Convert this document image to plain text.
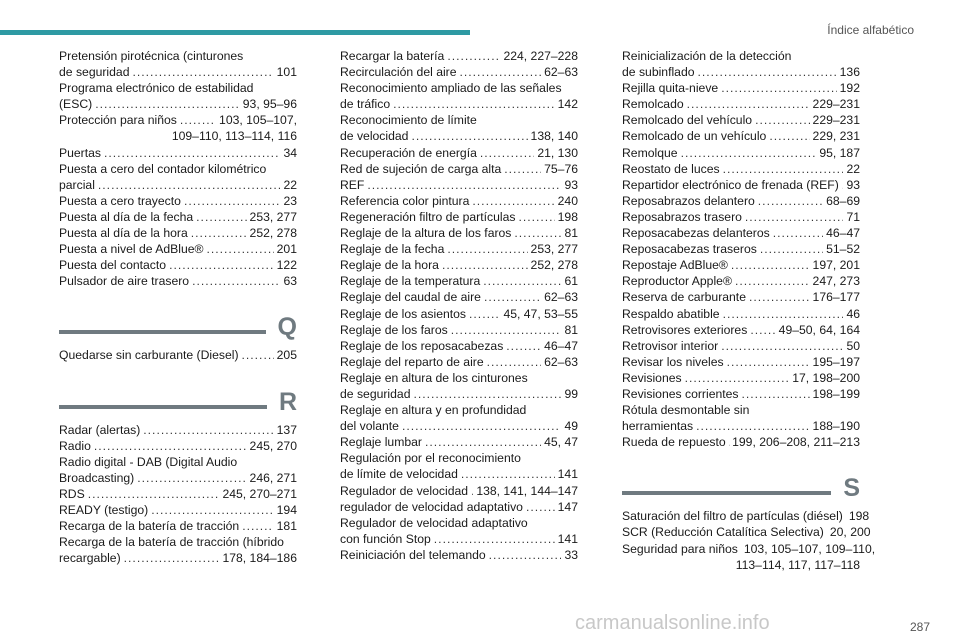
Índice alfabético
Pretensión pirotécnica (cinturones
de seguridad .....	101
Programa electrónico de estabilidad
(ESC) .....	93, 95–96
Protección para niños .....	103, 105–107,
109–110, 113–114, 116
Puertas .....	34
Puesta a cero del contador kilométrico
parcial .....	22
Puesta a cero trayecto .....	23
Puesta al día de la fecha .....	253, 277
Puesta al día de la hora .....	252, 278
Puesta a nivel de AdBlue® .....	201
Puesta del contacto .....	122
Pulsador de aire trasero .....	63
Q
Quedarse sin carburante (Diesel) .....	205
R
Radar (alertas) .....	137
Radio .....	245, 270
Radio digital - DAB (Digital Audio
Broadcasting) .....	246, 271
RDS .....	245, 270–271
READY (testigo) .....	194
Recarga de la batería de tracción .....	181
Recarga de la batería de tracción (híbrido
recargable) .....	178, 184–186
Recargar la batería .....	224, 227–228
Recirculación del aire .....	62–63
Reconocimiento ampliado de las señales
de tráfico .....	142
Reconocimiento de límite
de velocidad .....	138, 140
Recuperación de energía .....	21, 130
Red de sujeción de carga alta .....	75–76
REF .....	93
Referencia color pintura .....	240
Regeneración filtro de partículas .....	198
Reglaje de la altura de los faros .....	81
Reglaje de la fecha .....	253, 277
Reglaje de la hora .....	252, 278
Reglaje de la temperatura .....	61
Reglaje del caudal de aire .....	62–63
Reglaje de los asientos .....	45, 47, 53–55
Reglaje de los faros .....	81
Reglaje de los reposacabezas .....	46–47
Reglaje del reparto de aire .....	62–63
Reglaje en altura de los cinturones
de seguridad .....	99
Reglaje en altura y en profundidad
del volante .....	49
Reglaje lumbar .....	45, 47
Regulación por el reconocimiento
de límite de velocidad .....	141
Regulador de velocidad ..... 138, 141, 144–147
regulador de velocidad adaptativo .....	147
Regulador de velocidad adaptativo
con función Stop .....	141
Reiniciación del telemando .....	33
Reinicialización de la detección
de subinflado .....	136
Rejilla quita-nieve .....	192
Remolcado .....	229–231
Remolcado del vehículo .....	229–231
Remolcado de un vehículo .....	229, 231
Remolque .....	95, 187
Reostato de luces .....	22
Repartidor electrónico de frenada (REF) ..... 93
Reposabrazos delantero .....	68–69
Reposabrazos trasero .....	71
Reposacabezas delanteros .....	46–47
Reposacabezas traseros .....	51–52
Repostaje AdBlue® .....	197, 201
Reproductor Apple® .....	247, 273
Reserva de carburante .....	176–177
Respaldo abatible .....	46
Retrovisores exteriores .....	49–50, 64, 164
Retrovisor interior .....	50
Revisar los niveles .....	195–197
Revisiones .....	17, 198–200
Revisiones corrientes .....	198–199
Rótula desmontable sin
herramientas .....	188–190
Rueda de repuesto ..... 199, 206–208, 211–213
S
Saturación del filtro de partículas (diésel) 198
SCR (Reducción Catalítica Selectiva) 20, 200
Seguridad para niños 103, 105–107, 109–110,
113–114, 117, 117–118
carmanualsonline.info	287
